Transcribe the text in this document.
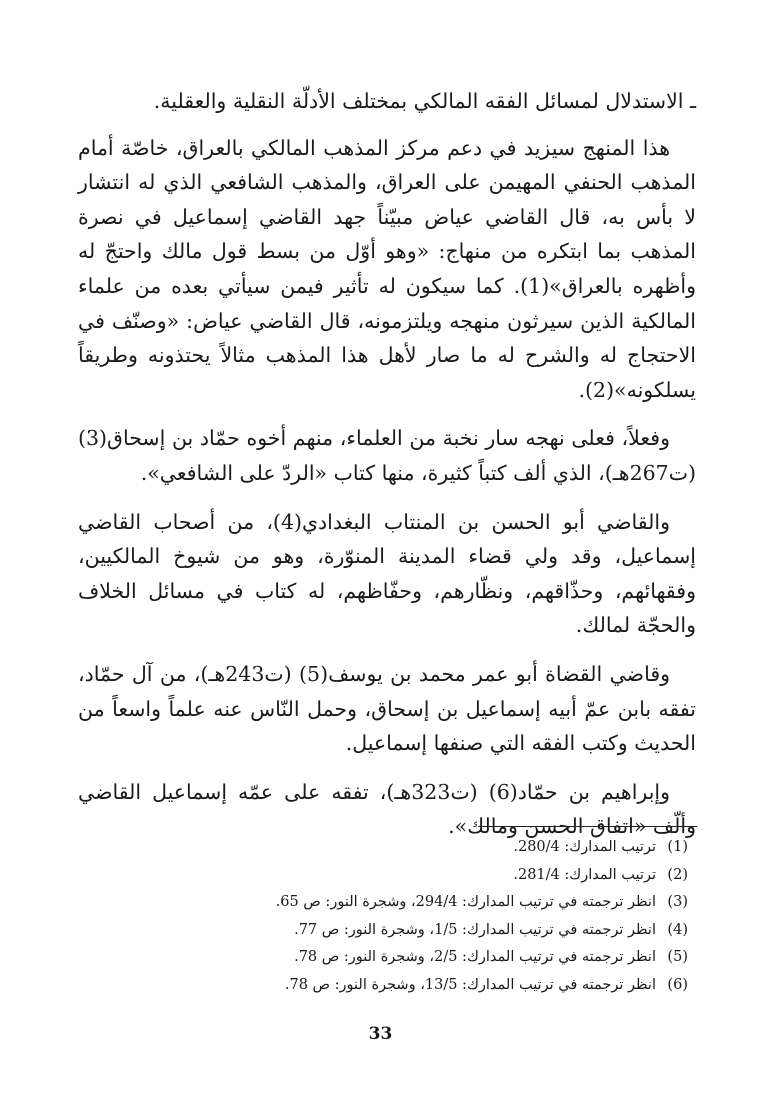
ـ الاستدلال لمسائل الفقه المالكي بمختلف الأدلّة النقلية والعقلية.

هذا المنهج سيزيد في دعم مركز المذهب المالكي بالعراق، خاصّة أمام المذهب الحنفي المهيمن على العراق، والمذهب الشافعي الذي له انتشار لا بأس به، قال القاضي عياض مبيّناً جهد القاضي إسماعيل في نصرة المذهب بما ابتكره من منهاج: «وهو أوّل من بسط قول مالك واحتجّ له وأظهره بالعراق»(1). كما سيكون له تأثير فيمن سيأتي بعده من علماء المالكية الذين سيرثون منهجه ويلتزمونه، قال القاضي عياض: «وصنّف في الاحتجاج له والشرح له ما صار لأهل هذا المذهب مثالاً يحتذونه وطريقاً يسلكونه»(2).

وفعلاً، فعلى نهجه سار نخبة من العلماء، منهم أخوه حمّاد بن إسحاق(3) (ت267هـ)، الذي ألف كتباً كثيرة، منها كتاب «الردّ على الشافعي».

والقاضي أبو الحسن بن المنتاب البغدادي(4)، من أصحاب القاضي إسماعيل، وقد ولي قضاء المدينة المنوّرة، وهو من شيوخ المالكيين، وفقهائهم، وحذّاقهم، ونظّارهم، وحفّاظهم، له كتاب في مسائل الخلاف والحجّة لمالك.

وقاضي القضاة أبو عمر محمد بن يوسف(5) (ت243هـ)، من آل حمّاد، تفقه بابن عمّ أبيه إسماعيل بن إسحاق، وحمل النّاس عنه علماً واسعاً من الحديث وكتب الفقه التي صنفها إسماعيل.

وإبراهيم بن حمّاد(6) (ت323هـ)، تفقه على عمّه إسماعيل القاضي وألّف «اتفاق الحسن ومالك».

(1)
ترتيب المدارك: 280/4.
(2)
ترتيب المدارك: 281/4.
(3)
انظر ترجمته في ترتيب المدارك: 294/4، وشجرة النور: ص 65.
(4)
انظر ترجمته في ترتيب المدارك: 1/5، وشجرة النور: ص 77.
(5)
انظر ترجمته في ترتيب المدارك: 2/5، وشجرة النور: ص 78.
(6)
انظر ترجمته في ترتيب المدارك: 13/5، وشجرة النور: ص 78.
33
